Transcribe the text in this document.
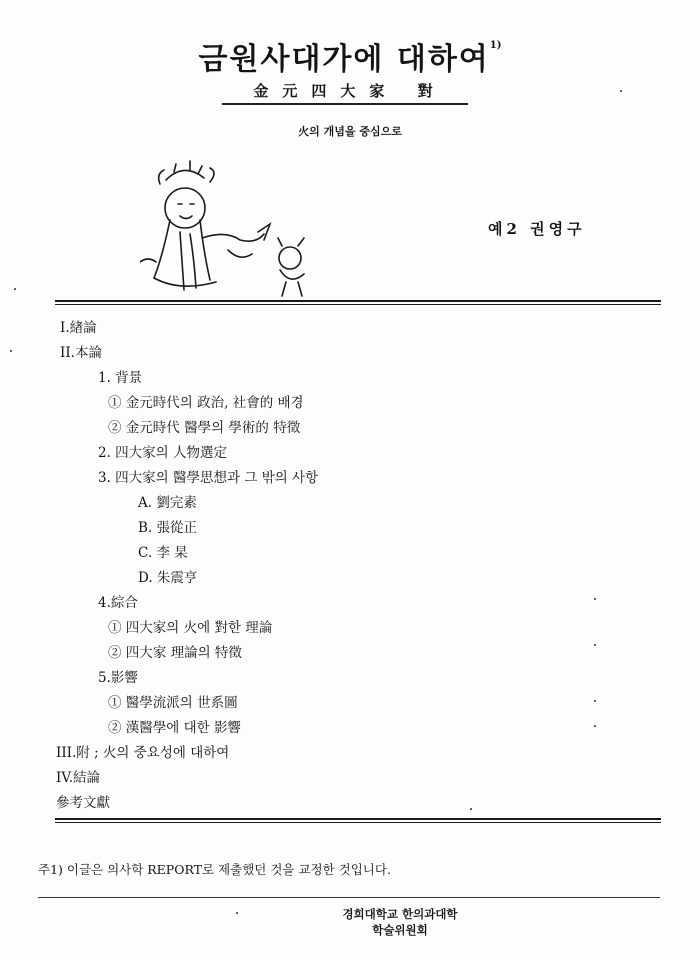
금원사대가에 대하여$^{1)}$
金元四大家 對
火의 개념을 중심으로
예2 권영구
I.緖論
II.本論
1. 背景
① 金元時代의 政治, 社會的 배경
② 金元時代 醫學의 學術的 特徵
2. 四大家의 人物選定
3. 四大家의 醫學思想과 그 밖의 사항
A. 劉完素
B. 張從正
C. 李 杲
D. 朱震亨
4.綜合
① 四大家의 火에 對한 理論
② 四大家 理論의 特徵
5.影響
① 醫學流派의 世系圖
② 漢醫學에 대한 影響
III.附 ; 火의 중요성에 대하여
IV.結論
參考文獻
주1) 이글은 의사학 REPORT로 제출했던 것을 교정한 것입니다.
경희대학교 한의과대학
학술위원회
